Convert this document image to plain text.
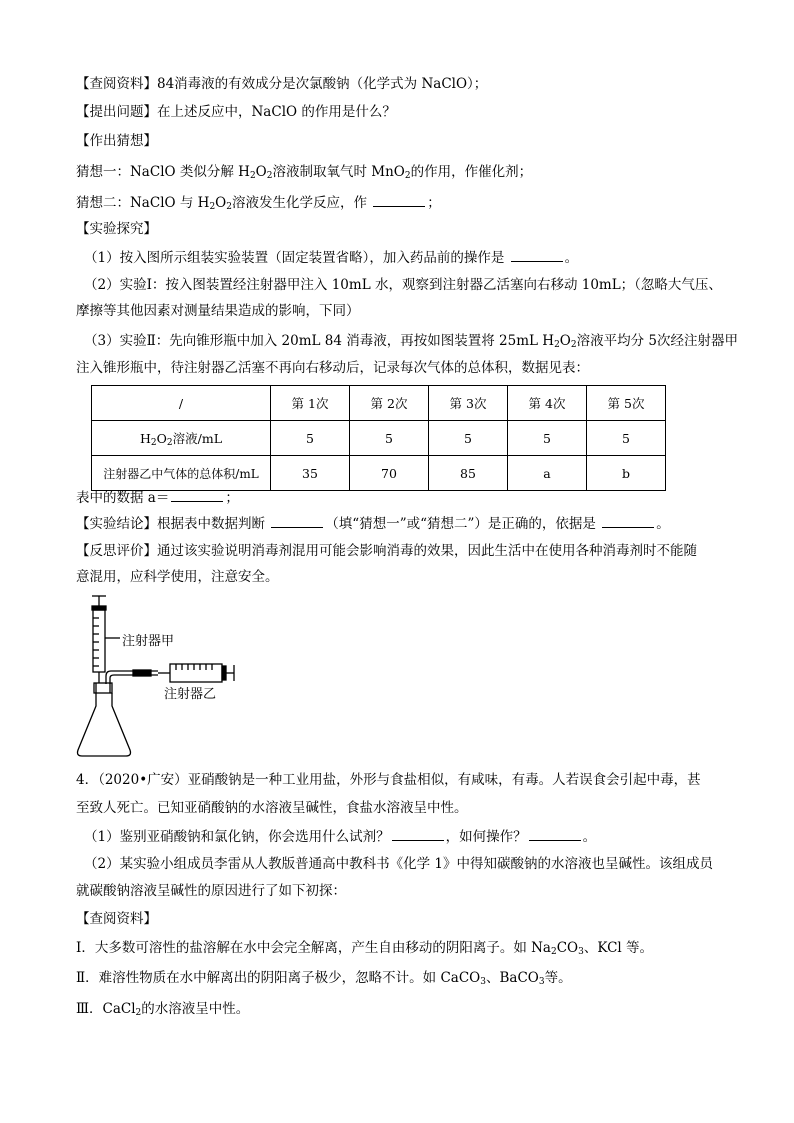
【查阅资料】84消毒液的有效成分是次氯酸钠（化学式为 NaClO）；
【提出问题】在上述反应中，NaClO 的作用是什么？
【作出猜想】
猜想一：NaClO 类似分解 $H_2O_2$溶液制取氧气时 MnO$_2$的作用，作催化剂；
猜想二：NaClO 与 $H_2O_2$溶液发生化学反应，作	；
【实验探究】
（1）按入图所示组装实验装置（固定装置省略），加入药品前的操作是	。
（2）实验Ⅰ：按入图装置经注射器甲注入 10mL 水，观察到注射器乙活塞向右移动 10mL；（忽略大气压、
摩擦等其他因素对测量结果造成的影响，下同）
（3）实验Ⅱ：先向锥形瓶中加入 20mL 84 消毒液，再按如图装置将 25mL $H_2O_2$溶液平均分 5次经注射器甲
注入锥形瓶中，待注射器乙活塞不再向右移动后，记录每次气体的总体积，数据见表：
/	第 1次	第 2次	第 3次	第 4次	第 5次
$H_2O_2$溶液/mL	5	5	5	5	5
注射器乙中气体的总体积/mL	35	70	85	a	b
表中的数据 a＝	；
【实验结论】根据表中数据判断	（填“猜想一”或“猜想二”）是正确的，依据是	。
【反思评价】通过该实验说明消毒剂混用可能会影响消毒的效果，因此生活中在使用各种消毒剂时不能随
意混用，应科学使用，注意安全。
注射器甲
注射器乙
4．（2020•广安）亚硝酸钠是一种工业用盐，外形与食盐相似，有咸味，有毒。人若误食会引起中毒，甚
至致人死亡。已知亚硝酸钠的水溶液呈碱性，食盐水溶液呈中性。
（1）鉴别亚硝酸钠和氯化钠，你会选用什么试剂？	，如何操作？	。
（2）某实验小组成员李雷从人教版普通高中教科书《化学 1》中得知碳酸钠的水溶液也呈碱性。该组成员
就碳酸钠溶液呈碱性的原因进行了如下初探：
【查阅资料】
Ⅰ．大多数可溶性的盐溶解在水中会完全解离，产生自由移动的阴阳离子。如 $Na_2CO_3$、KCl 等。
Ⅱ．难溶性物质在水中解离出的阴阳离子极少，忽略不计。如 CaCO$_3$、BaCO$_3$等。
Ⅲ．CaCl$_2$的水溶液呈中性。
